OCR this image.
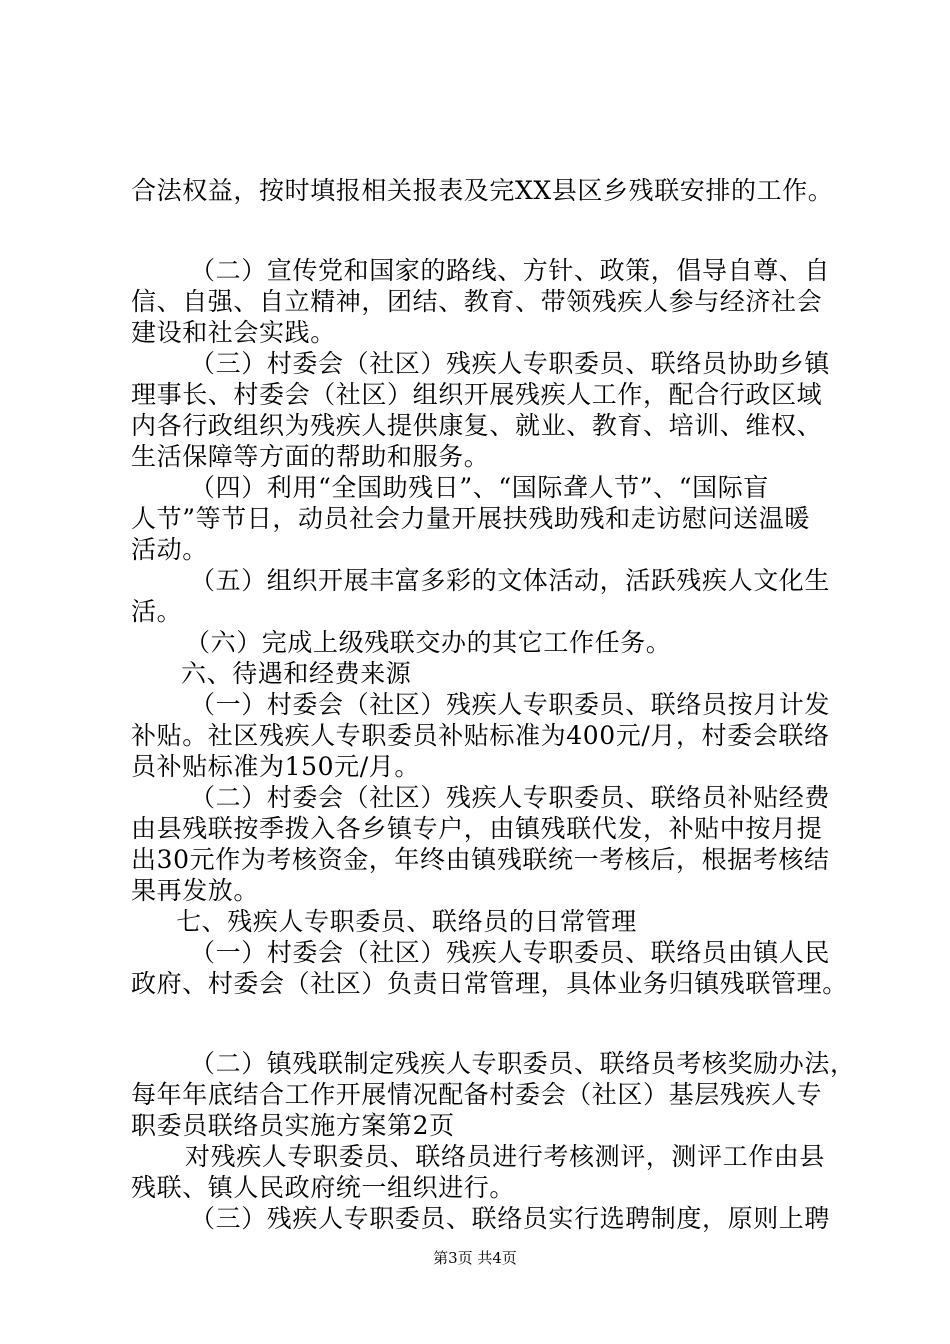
合法权益，按时填报相关报表及完XX县区乡残联安排的工作。
（二）宣传党和国家的路线、方针、政策，倡导自尊、自
信、自强、自立精神，团结、教育、带领残疾人参与经济社会
建设和社会实践。
（三）村委会（社区）残疾人专职委员、联络员协助乡镇
理事长、村委会（社区）组织开展残疾人工作，配合行政区域
内各行政组织为残疾人提供康复、就业、教育、培训、维权、
生活保障等方面的帮助和服务。
（四）利用“全国助残日”、“国际聋人节”、“国际盲
人节”等节日，动员社会力量开展扶残助残和走访慰问送温暖
活动。
（五）组织开展丰富多彩的文体活动，活跃残疾人文化生
活。
（六）完成上级残联交办的其它工作任务。
六、待遇和经费来源
（一）村委会（社区）残疾人专职委员、联络员按月计发
补贴。社区残疾人专职委员补贴标准为400元/月，村委会联络
员补贴标准为150元/月。
（二）村委会（社区）残疾人专职委员、联络员补贴经费
由县残联按季拨入各乡镇专户，由镇残联代发，补贴中按月提
出30元作为考核资金，年终由镇残联统一考核后，根据考核结
果再发放。
七、残疾人专职委员、联络员的日常管理
（一）村委会（社区）残疾人专职委员、联络员由镇人民
政府、村委会（社区）负责日常管理，具体业务归镇残联管理。
（二）镇残联制定残疾人专职委员、联络员考核奖励办法，
每年年底结合工作开展情况配备村委会（社区）基层残疾人专
职委员联络员实施方案第2页
对残疾人专职委员、联络员进行考核测评，测评工作由县
残联、镇人民政府统一组织进行。
（三）残疾人专职委员、联络员实行选聘制度，原则上聘
第3页 共4页
